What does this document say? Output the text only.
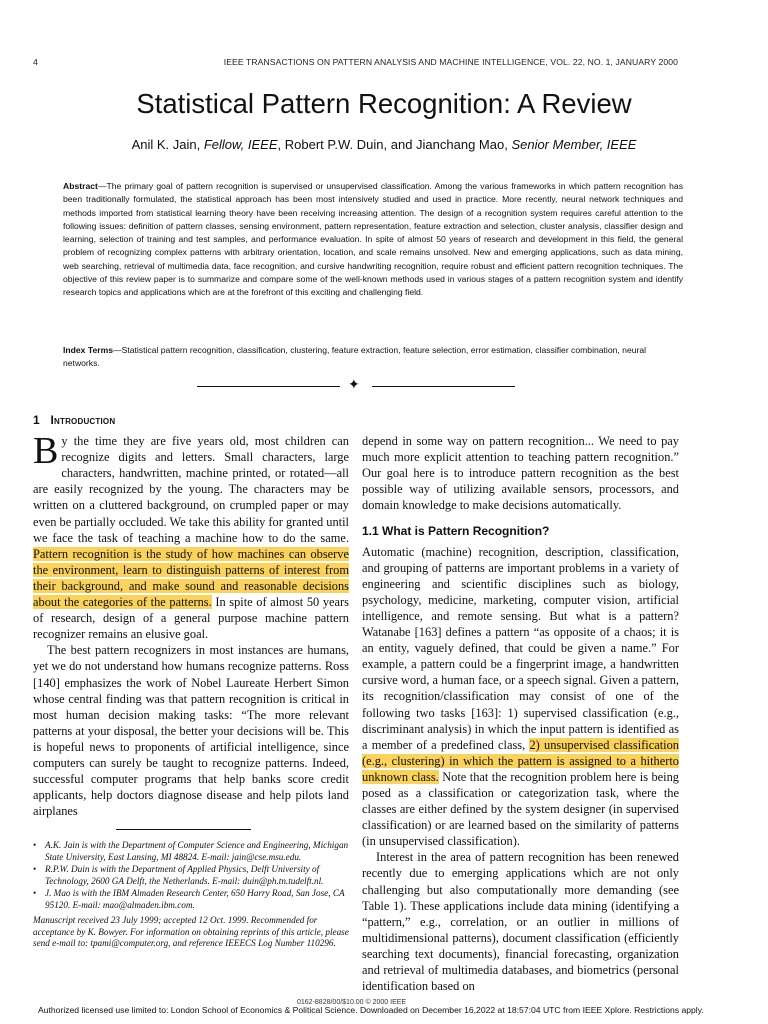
4	IEEE TRANSACTIONS ON PATTERN ANALYSIS AND MACHINE INTELLIGENCE, VOL. 22, NO. 1, JANUARY 2000
Statistical Pattern Recognition: A Review
Anil K. Jain, Fellow, IEEE, Robert P.W. Duin, and Jianchang Mao, Senior Member, IEEE
Abstract—The primary goal of pattern recognition is supervised or unsupervised classification. Among the various frameworks in which pattern recognition has been traditionally formulated, the statistical approach has been most intensively studied and used in practice. More recently, neural network techniques and methods imported from statistical learning theory have been receiving increasing attention. The design of a recognition system requires careful attention to the following issues: definition of pattern classes, sensing environment, pattern representation, feature extraction and selection, cluster analysis, classifier design and learning, selection of training and test samples, and performance evaluation. In spite of almost 50 years of research and development in this field, the general problem of recognizing complex patterns with arbitrary orientation, location, and scale remains unsolved. New and emerging applications, such as data mining, web searching, retrieval of multimedia data, face recognition, and cursive handwriting recognition, require robust and efficient pattern recognition techniques. The objective of this review paper is to summarize and compare some of the well-known methods used in various stages of a pattern recognition system and identify research topics and applications which are at the forefront of this exciting and challenging field.
Index Terms—Statistical pattern recognition, classification, clustering, feature extraction, feature selection, error estimation, classifier combination, neural networks.
✦
1 Introduction

By the time they are five years old, most children can recognize digits and letters. Small characters, large characters, handwritten, machine printed, or rotated—all are easily recognized by the young. The characters may be written on a cluttered background, on crumpled paper or may even be partially occluded. We take this ability for granted until we face the task of teaching a machine how to do the same. Pattern recognition is the study of how machines can observe the environment, learn to distinguish patterns of interest from their background, and make sound and reasonable decisions about the categories of the patterns. In spite of almost 50 years of research, design of a general purpose machine pattern recognizer remains an elusive goal.

The best pattern recognizers in most instances are humans, yet we do not understand how humans recognize patterns. Ross [140] emphasizes the work of Nobel Laureate Herbert Simon whose central finding was that pattern recognition is critical in most human decision making tasks: “The more relevant patterns at your disposal, the better your decisions will be. This is hopeful news to proponents of artificial intelligence, since computers can surely be taught to recognize patterns. Indeed, successful computer programs that help banks score credit applicants, help doctors diagnose disease and help pilots land airplanes

depend in some way on pattern recognition... We need to pay much more explicit attention to teaching pattern recognition.” Our goal here is to introduce pattern recognition as the best possible way of utilizing available sensors, processors, and domain knowledge to make decisions automatically.

1.1 What is Pattern Recognition?

Automatic (machine) recognition, description, classification, and grouping of patterns are important problems in a variety of engineering and scientific disciplines such as biology, psychology, medicine, marketing, computer vision, artificial intelligence, and remote sensing. But what is a pattern? Watanabe [163] defines a pattern “as opposite of a chaos; it is an entity, vaguely defined, that could be given a name.” For example, a pattern could be a fingerprint image, a handwritten cursive word, a human face, or a speech signal. Given a pattern, its recognition/classification may consist of one of the following two tasks [163]: 1) supervised classification (e.g., discriminant analysis) in which the input pattern is identified as a member of a predefined class, 2) unsupervised classification (e.g., clustering) in which the pattern is assigned to a hitherto unknown class. Note that the recognition problem here is being posed as a classification or categorization task, where the classes are either defined by the system designer (in supervised classification) or are learned based on the similarity of patterns (in unsupervised classification).

Interest in the area of pattern recognition has been renewed recently due to emerging applications which are not only challenging but also computationally more demanding (see Table 1). These applications include data mining (identifying a “pattern,” e.g., correlation, or an outlier in millions of multidimensional patterns), document classification (efficiently searching text documents), financial forecasting, organization and retrieval of multimedia databases, and biometrics (personal identification based on

• A.K. Jain is with the Department of Computer Science and Engineering, Michigan State University, East Lansing, MI 48824. E-mail: jain@cse.msu.edu.
• R.P.W. Duin is with the Department of Applied Physics, Delft University of Technology, 2600 GA Delft, the Netherlands. E-mail: duin@ph.tn.tudelft.nl.
• J. Mao is with the IBM Almaden Research Center, 650 Harry Road, San Jose, CA 95120. E-mail: mao@almaden.ibm.com.
Manuscript received 23 July 1999; accepted 12 Oct. 1999. Recommended for acceptance by K. Bowyer. For information on obtaining reprints of this article, please send e-mail to: tpami@computer.org, and reference IEEECS Log Number 110296.
0162-8828/00/$10.00 © 2000 IEEE
Authorized licensed use limited to: London School of Economics & Political Science. Downloaded on December 16,2022 at 18:57:04 UTC from IEEE Xplore. Restrictions apply.
